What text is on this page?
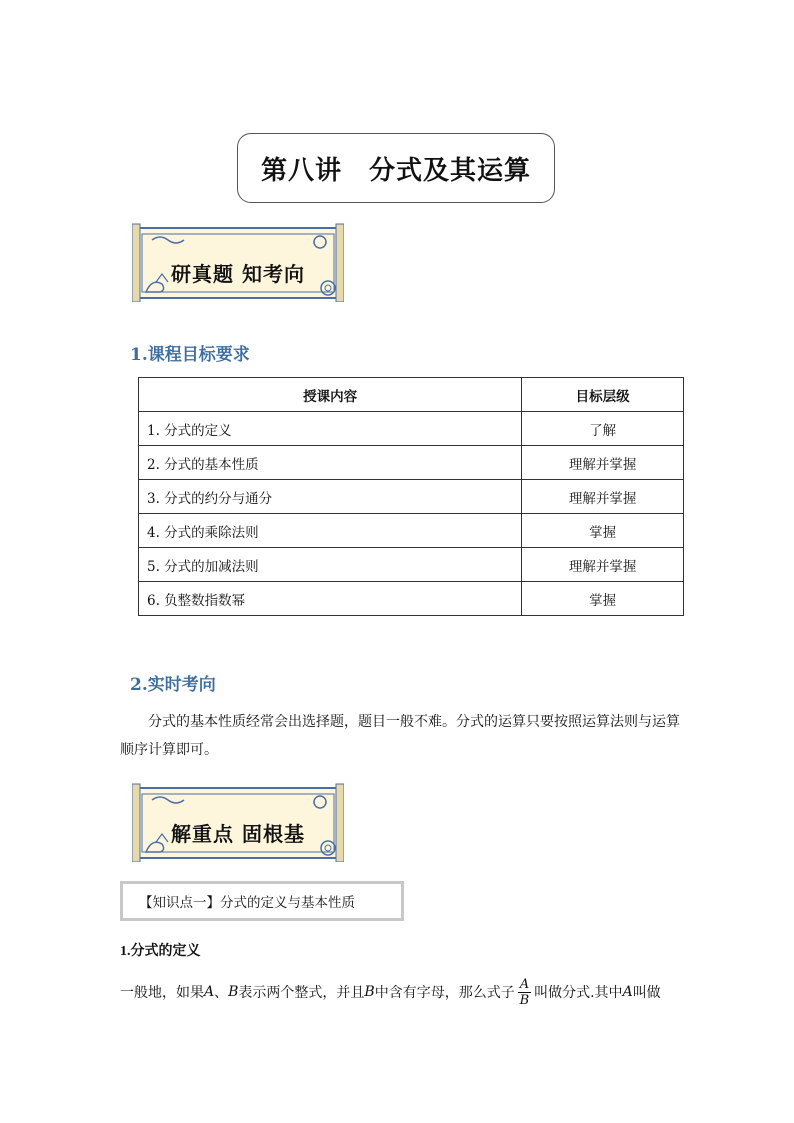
第八讲　分式及其运算
研真题 知考向
1.课程目标要求
授课内容	目标层级
1. 分式的定义	了解
2. 分式的基本性质	理解并掌握
3. 分式的约分与通分	理解并掌握
4. 分式的乘除法则	掌握
5. 分式的加减法则	理解并掌握
6. 负整数指数幂	掌握
2.实时考向
分式的基本性质经常会出选择题，题目一般不难。分式的运算只要按照运算法则与运算顺序计算即可。
解重点 固根基
【知识点一】分式的定义与基本性质
1.分式的定义
一般地，如果 A 、 B 表示两个整式，并且 B 中含有字母，那么式子 $\frac{A}{B}$ 叫做分式.其中 A 叫做
